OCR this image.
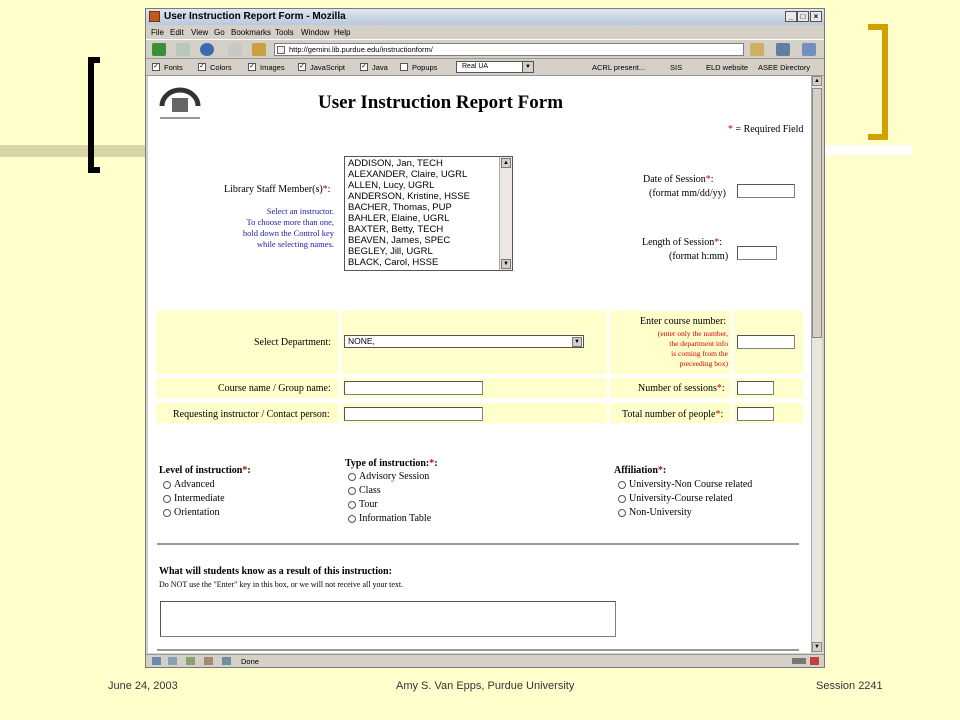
User Instruction Report Form - Mozilla	_ □	×
File Edit View Go Bookmarks Tools Window Help
http://gemini.lib.purdue.edu/instructionform/
✓ Fonts ✓ Colors ✓ Images ✓ JavaScript ✓ Java	Popups	Real UA	▼	ACRL present...	SIS	ELD website ASEE Directory
User Instruction Report Form
* = Required Field
Library Staff Member(s)*:
Select an instructor.
To choose more than one,
hold down the Control key
while selecting names.
ADDISON, Jan, TECH
ALEXANDER, Claire, UGRL
ALLEN, Lucy, UGRL
ANDERSON, Kristine, HSSE
BACHER, Thomas, PUP
BAHLER, Elaine, UGRL
BAXTER, Betty, TECH
BEAVEN, James, SPEC
BEGLEY, Jill, UGRL
BLACK, Carol, HSSE
▲
▼
Date of Session*:
(format mm/dd/yy)
Length of Session*:
(format h:mm)
Select Department:	NONE,	▼
Enter course number:
(enter only the number,
the department info
is coming from the
preceeding box)
Course name / Group name:	Number of sessions*:
Requesting instructor / Contact person:	Total number of people*:
Level of instruction*:
Advanced
Intermediate
Orientation
Type of instruction:*:
Advisory Session
Class
Tour
Information Table
Affiliation*:
University-Non Course related
University-Course related
Non-University
What will students know as a result of this instruction:
Do NOT use the "Enter" key in this box, or we will not receive all your text.
▲
▼
Done
June 24, 2003	Amy S. Van Epps, Purdue University	Session 2241
